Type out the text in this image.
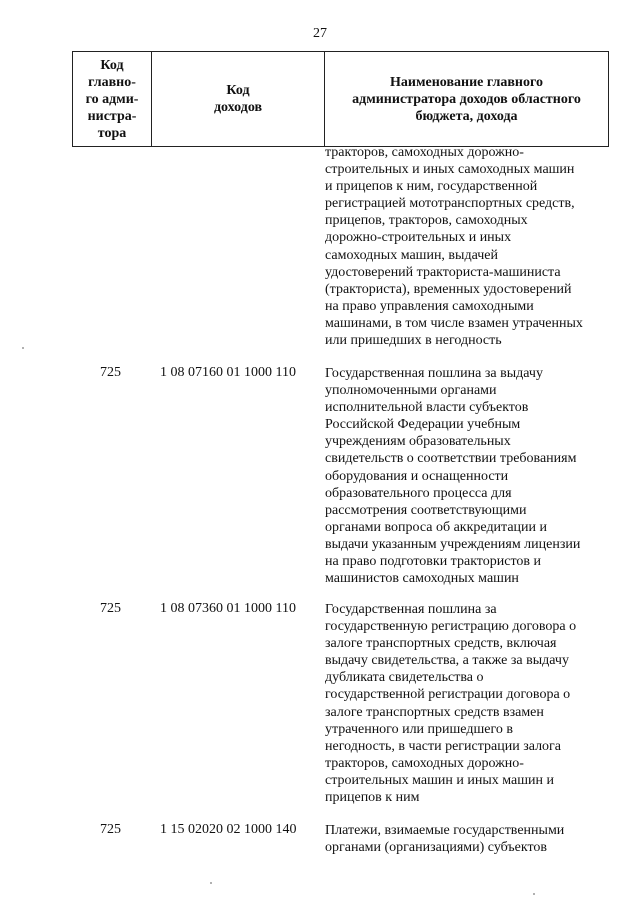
27
Код
главно-
го адми-
нистра-
тора

Код
доходов

Наименование главного
администратора доходов областного
бюджета, дохода
тракторов, самоходных дорожно-
строительных и иных самоходных машин
и прицепов к ним, государственной
регистрацией мототранспортных средств,
прицепов, тракторов, самоходных
дорожно-строительных и иных
самоходных машин, выдачей
удостоверений тракториста-машиниста
(тракториста), временных удостоверений
на право управления самоходными
машинами, в том числе взамен утраченных
или пришедших в негодность
725	1 08 07160 01 1000 110 Государственная пошлина за выдачу
уполномоченными органами
исполнительной власти субъектов
Российской Федерации учебным
учреждениям образовательных
свидетельств о соответствии требованиям
оборудования и оснащенности
образовательного процесса для
рассмотрения соответствующими
органами вопроса об аккредитации и
выдачи указанным учреждениям лицензии
на право подготовки трактористов и
машинистов самоходных машин
725	1 08 07360 01 1000 110 Государственная пошлина за
государственную регистрацию договора о
залоге транспортных средств, включая
выдачу свидетельства, а также за выдачу
дубликата свидетельства о
государственной регистрации договора о
залоге транспортных средств взамен
утраченного или пришедшего в
негодность, в части регистрации залога
тракторов, самоходных дорожно-
строительных машин и иных машин и
прицепов к ним
725	1 15 02020 02 1000 140 Платежи, взимаемые государственными
органами (организациями) субъектов
